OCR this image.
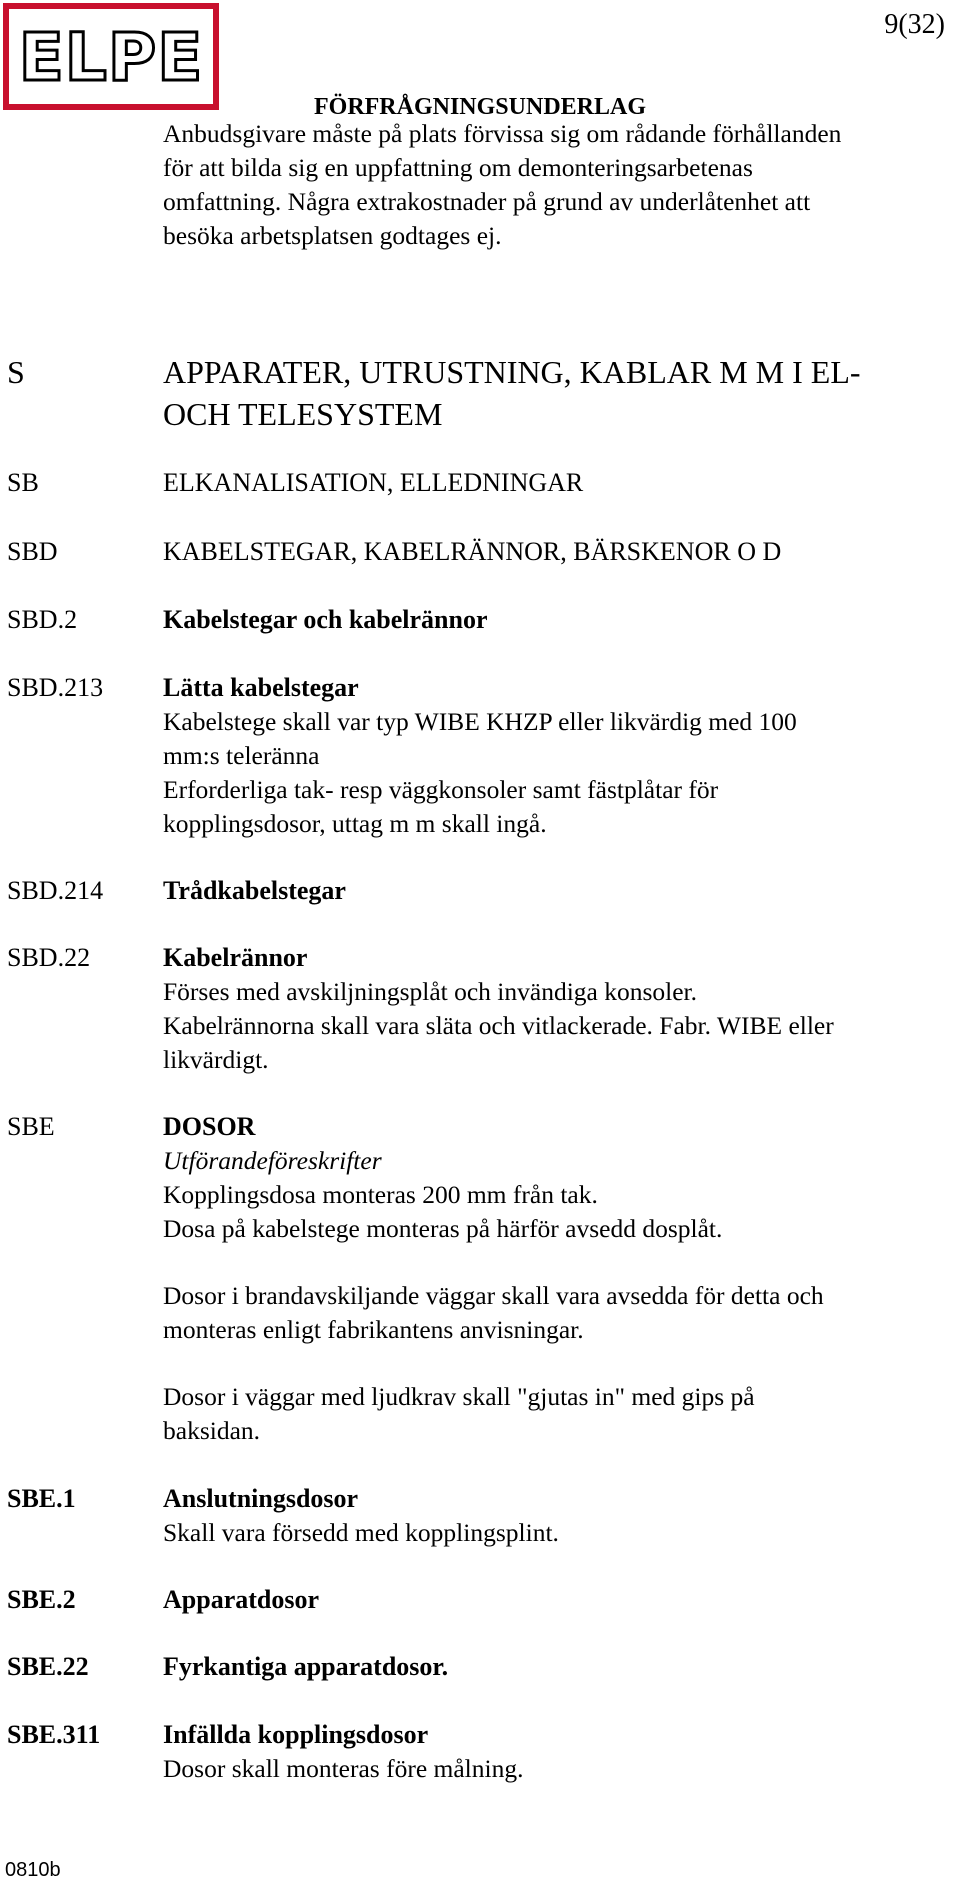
ELPE	9(32)
FÖRFRÅGNINGSUNDERLAG
Anbudsgivare måste på plats förvissa sig om rådande förhållanden
för att bilda sig en uppfattning om demonteringsarbetenas
omfattning. Några extrakostnader på grund av underlåtenhet att
besöka arbetsplatsen godtages ej.
S	APPARATER, UTRUSTNING, KABLAR M M I EL-
OCH TELESYSTEM
SB	ELKANALISATION, ELLEDNINGAR
SBD	KABELSTEGAR, KABELRÄNNOR, BÄRSKENOR O D
SBD.2	Kabelstegar och kabelrännor
SBD.213 Lätta kabelstegar
Kabelstege skall var typ WIBE KHZP eller likvärdig med 100
mm:s teleränna
Erforderliga tak- resp väggkonsoler samt fästplåtar för
kopplingsdosor, uttag m m skall ingå.
SBD.214 Trådkabelstegar
SBD.22	Kabelrännor
Förses med avskiljningsplåt och invändiga konsoler.
Kabelrännorna skall vara släta och vitlackerade. Fabr. WIBE eller
likvärdigt.
SBE	DOSOR
Utförandeföreskrifter
Kopplingsdosa monteras 200 mm från tak.
Dosa på kabelstege monteras på härför avsedd dosplåt.
Dosor i brandavskiljande väggar skall vara avsedda för detta och
monteras enligt fabrikantens anvisningar.
Dosor i väggar med ljudkrav skall "gjutas in" med gips på
baksidan.
SBE.1	Anslutningsdosor
Skall vara försedd med kopplingsplint.
SBE.2	Apparatdosor
SBE.22	Fyrkantiga apparatdosor.
SBE.311 Infällda kopplingsdosor
Dosor skall monteras före målning.
0810b
